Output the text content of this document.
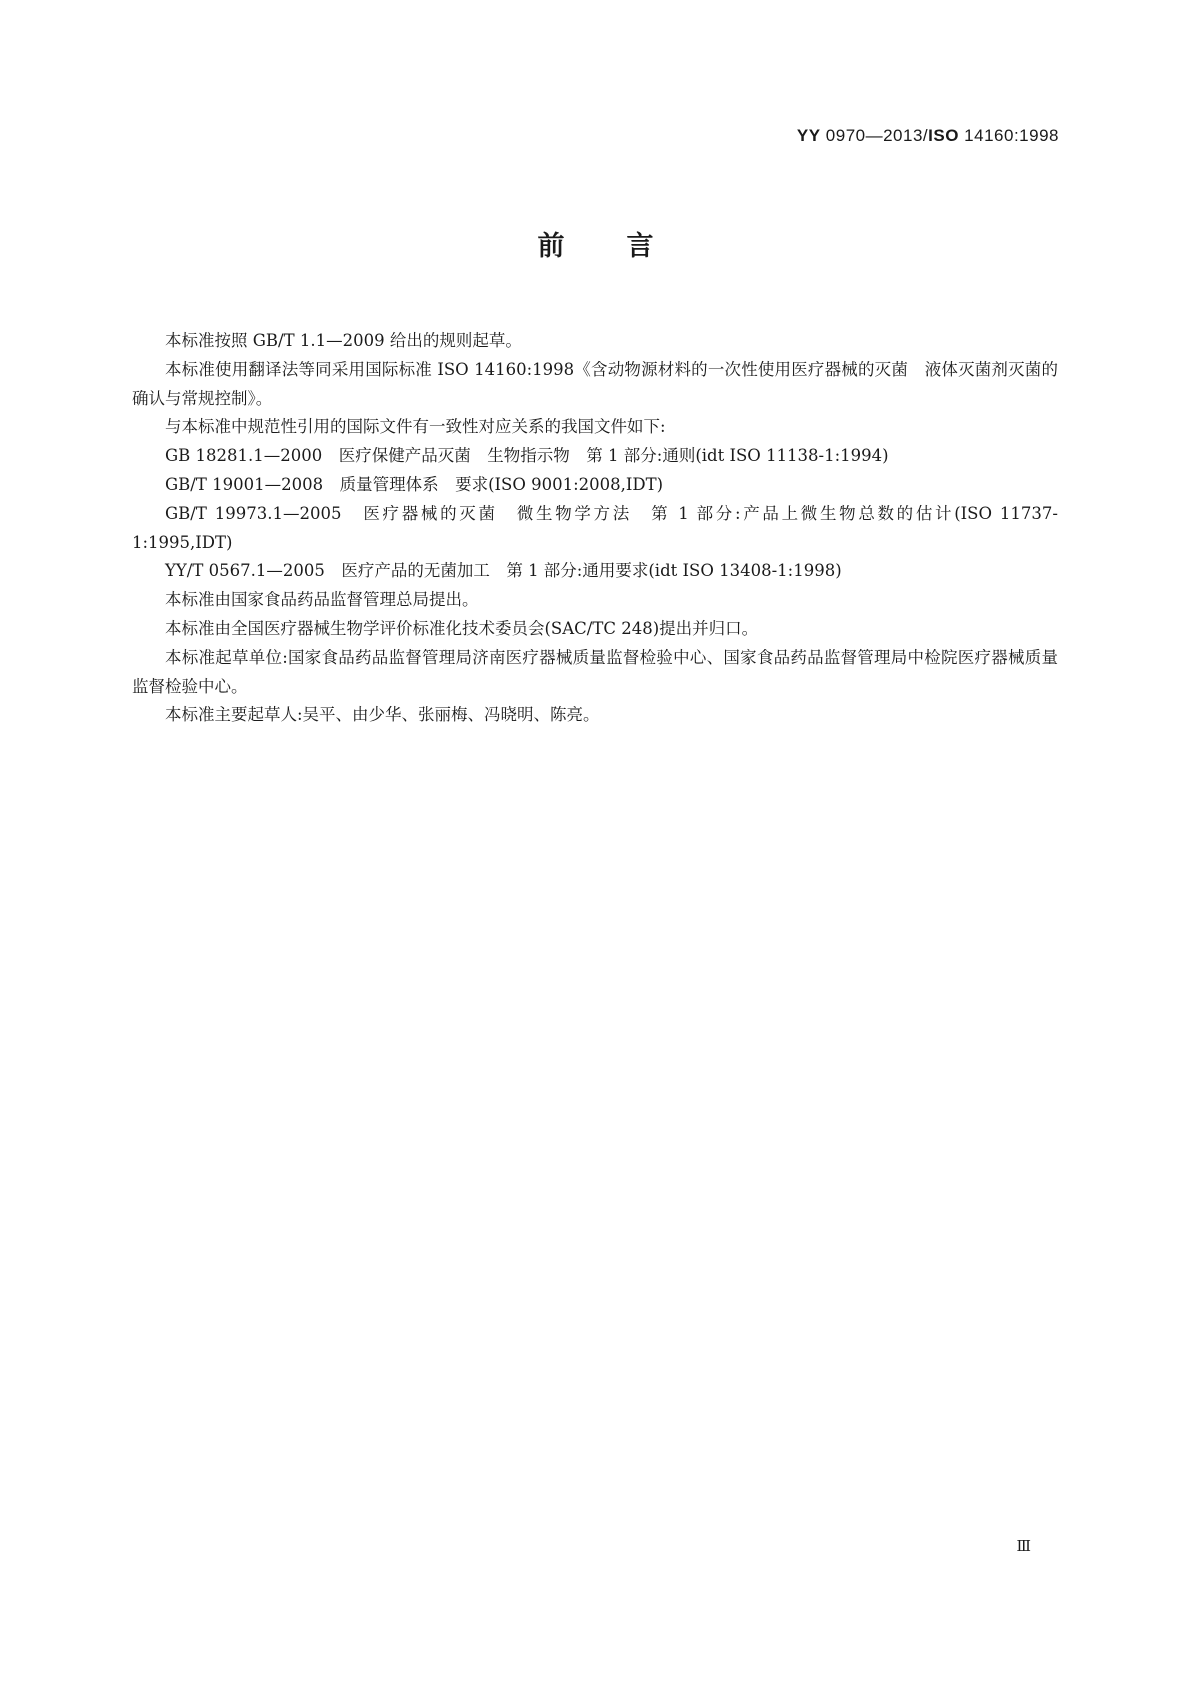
YY 0970—2013/ISO 14160:1998
前言

本标准按照 GB/T 1.1—2009 给出的规则起草。

本标准使用翻译法等同采用国际标准 ISO 14160:1998《含动物源材料的一次性使用医疗器械的灭菌　液体灭菌剂灭菌的确认与常规控制》。

与本标准中规范性引用的国际文件有一致性对应关系的我国文件如下:

GB 18281.1—2000　医疗保健产品灭菌　生物指示物　第 1 部分:通则(idt ISO 11138-1:1994)

GB/T 19001—2008　质量管理体系　要求(ISO 9001:2008,IDT)

GB/T 19973.1—2005　医疗器械的灭菌　微生物学方法　第 1 部分:产品上微生物总数的估计(ISO 11737-1:1995,IDT)

YY/T 0567.1—2005　医疗产品的无菌加工　第 1 部分:通用要求(idt ISO 13408-1:1998)

本标准由国家食品药品监督管理总局提出。

本标准由全国医疗器械生物学评价标准化技术委员会(SAC/TC 248)提出并归口。

本标准起草单位:国家食品药品监督管理局济南医疗器械质量监督检验中心、国家食品药品监督管理局中检院医疗器械质量监督检验中心。

本标准主要起草人:吴平、由少华、张丽梅、冯晓明、陈亮。

Ⅲ
